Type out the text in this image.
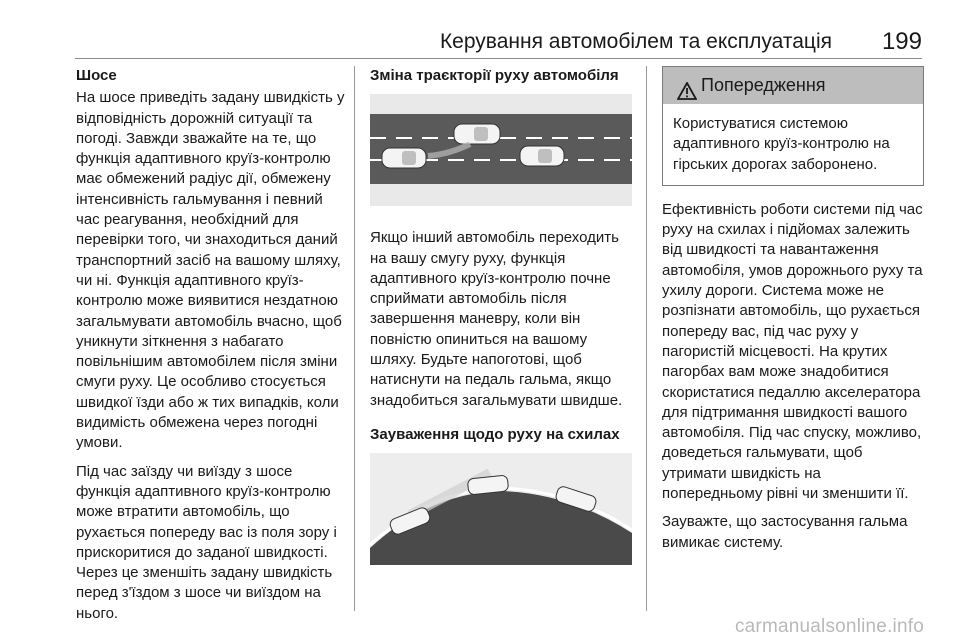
Керування автомобілем та експлуатація 199

Шосе

На шосе приведіть задану швидкість у відповідність дорожній ситуації та погоді. Завжди зважайте на те, що функція адаптивного круїз-контролю має обмежений радіус дії, обмежену інтенсивність гальмування і певний час реагування, необхідний для перевірки того, чи знаходиться даний транспортний засіб на вашому шляху, чи ні. Функція адаптивного круїз-контролю може виявитися нездатною загальмувати автомобіль вчасно, щоб уникнути зіткнення з набагато повільнішим автомобілем після зміни смуги руху. Це особливо стосується швидкої їзди або ж тих випадків, коли видимість обмежена через погодні умови.

Під час заїзду чи виїзду з шосе функція адаптивного круїз-контролю може втратити автомобіль, що рухається попереду вас із поля зору і прискоритися до заданої швидкості. Через це зменшіть задану швидкість перед з'їздом з шосе чи виїздом на нього.

Зміна траєкторії руху автомобіля

Якщо інший автомобіль переходить на вашу смугу руху, функція адаптивного круїз-контролю почне сприймати автомобіль після завершення маневру, коли він повністю опиниться на вашому шляху. Будьте напоготові, щоб натиснути на педаль гальма, якщо знадобиться загальмувати швидше.

Зауваження щодо руху на схилах

Попередження
Користуватися системою адаптивного круїз-контролю на гірських дорогах заборонено.

Ефективність роботи системи під час руху на схилах і підйомах залежить від швидкості та навантаження автомобіля, умов дорожнього руху та ухилу дороги. Система може не розпізнати автомобіль, що рухається попереду вас, під час руху у пагористій місцевості. На крутих пагорбах вам може знадобитися скористатися педаллю акселератора для підтримання швидкості вашого автомобіля. Під час спуску, можливо, доведеться гальмувати, щоб утримати швидкість на попередньому рівні чи зменшити її.

Зауважте, що застосування гальма вимикає систему.

carmanualsonline.info
